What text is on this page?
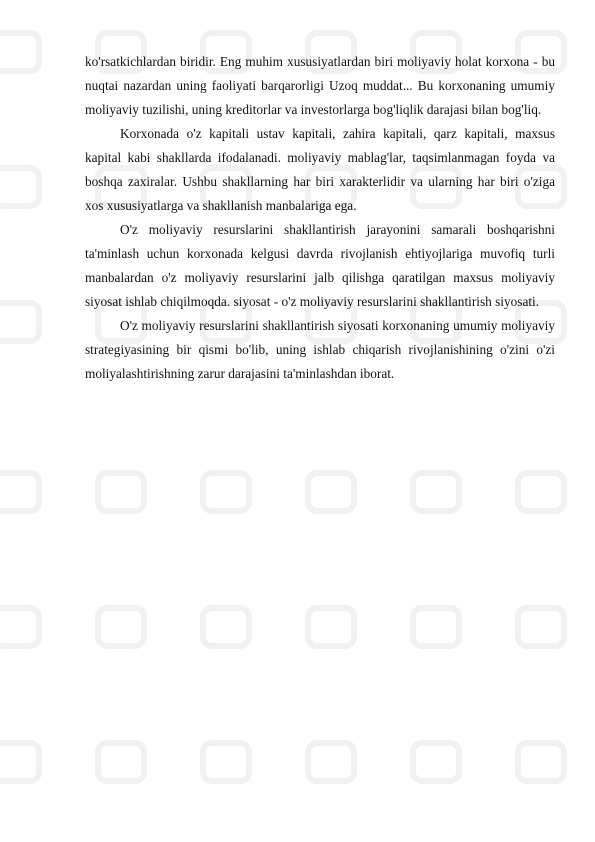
ko'rsatkichlardan biridir. Eng muhim xususiyatlardan biri moliyaviy holat korxona - bu nuqtai nazardan uning faoliyati barqarorligi Uzoq muddat... Bu korxonaning umumiy moliyaviy tuzilishi, uning kreditorlar va investorlarga bog'liqlik darajasi bilan bog'liq.

Korxonada o'z kapitali ustav kapitali, zahira kapitali, qarz kapitali, maxsus kapital kabi shakllarda ifodalanadi. moliyaviy mablag'lar, taqsimlanmagan foyda va boshqa zaxiralar. Ushbu shakllarning har biri xarakterlidir va ularning har biri o'ziga xos xususiyatlarga va shakllanish manbalariga ega.

O'z moliyaviy resurslarini shakllantirish jarayonini samarali boshqarishni ta'minlash uchun korxonada kelgusi davrda rivojlanish ehtiyojlariga muvofiq turli manbalardan o'z moliyaviy resurslarini jalb qilishga qaratilgan maxsus moliyaviy siyosat ishlab chiqilmoqda. siyosat - o'z moliyaviy resurslarini shakllantirish siyosati.

O'z moliyaviy resurslarini shakllantirish siyosati korxonaning umumiy moliyaviy strategiyasining bir qismi bo'lib, uning ishlab chiqarish rivojlanishining o'zini o'zi moliyalashtirishning zarur darajasini ta'minlashdan iborat.
